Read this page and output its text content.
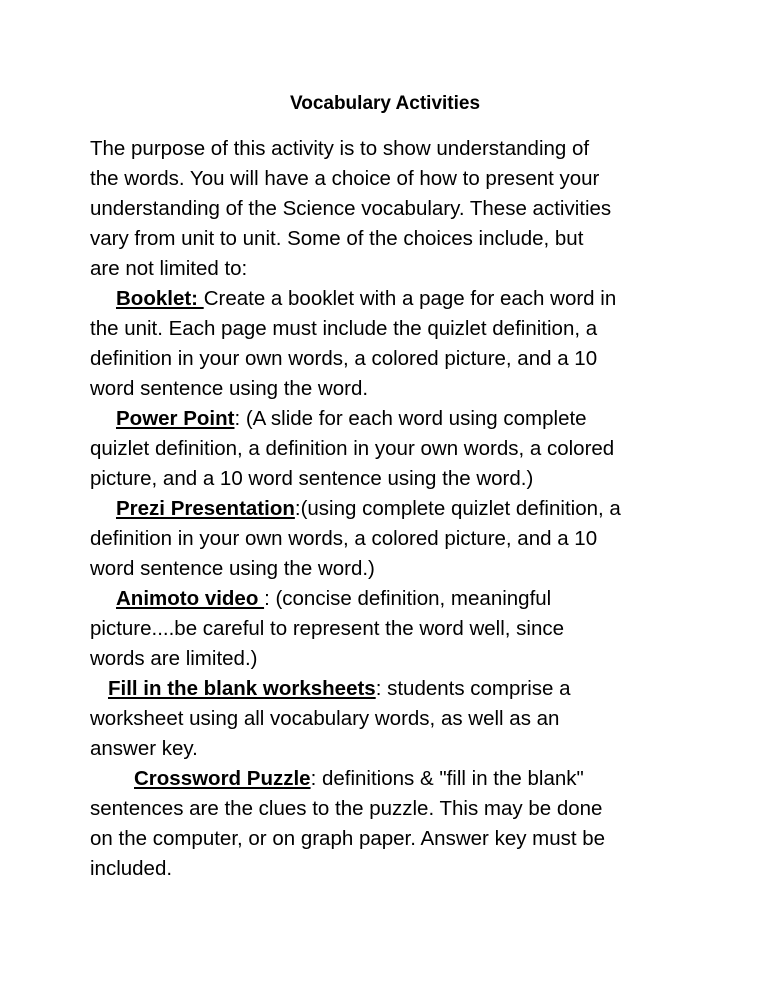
Vocabulary Activities
The purpose of this activity is to show understanding of
the words. You will have a choice of how to present your
understanding of the Science vocabulary. These activities
vary from unit to unit. Some of the choices include, but
are not limited to:
Booklet: Create a booklet with a page for each word in
the unit. Each page must include the quizlet definition, a
definition in your own words, a colored picture, and a 10
word sentence using the word.
Power Point: (A slide for each word using complete
quizlet definition, a definition in your own words, a colored
picture, and a 10 word sentence using the word.)
Prezi Presentation:(using complete quizlet definition, a
definition in your own words, a colored picture, and a 10
word sentence using the word.)
Animoto video : (concise definition, meaningful
picture....be careful to represent the word well, since
words are limited.)
Fill in the blank worksheets: students comprise a
worksheet using all vocabulary words, as well as an
answer key.
Crossword Puzzle: definitions & "fill in the blank"
sentences are the clues to the puzzle. This may be done
on the computer, or on graph paper. Answer key must be
included.
